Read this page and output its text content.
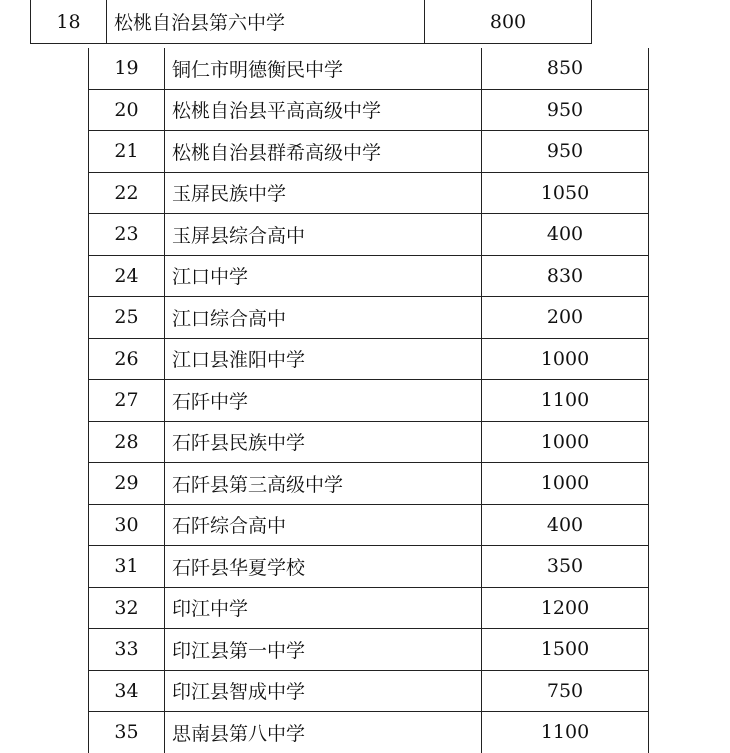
18	松桃自治县第六中学	800
19	铜仁市明德衡民中学	850
20	松桃自治县平高高级中学	950
21	松桃自治县群希高级中学	950
22	玉屏民族中学	1050
23	玉屏县综合高中	400
24	江口中学	830
25	江口综合高中	200
26	江口县淮阳中学	1000
27	石阡中学	1100
28	石阡县民族中学	1000
29	石阡县第三高级中学	1000
30	石阡综合高中	400
31	石阡县华夏学校	350
32	印江中学	1200
33	印江县第一中学	1500
34	印江县智成中学	750
35	思南县第八中学	1100
